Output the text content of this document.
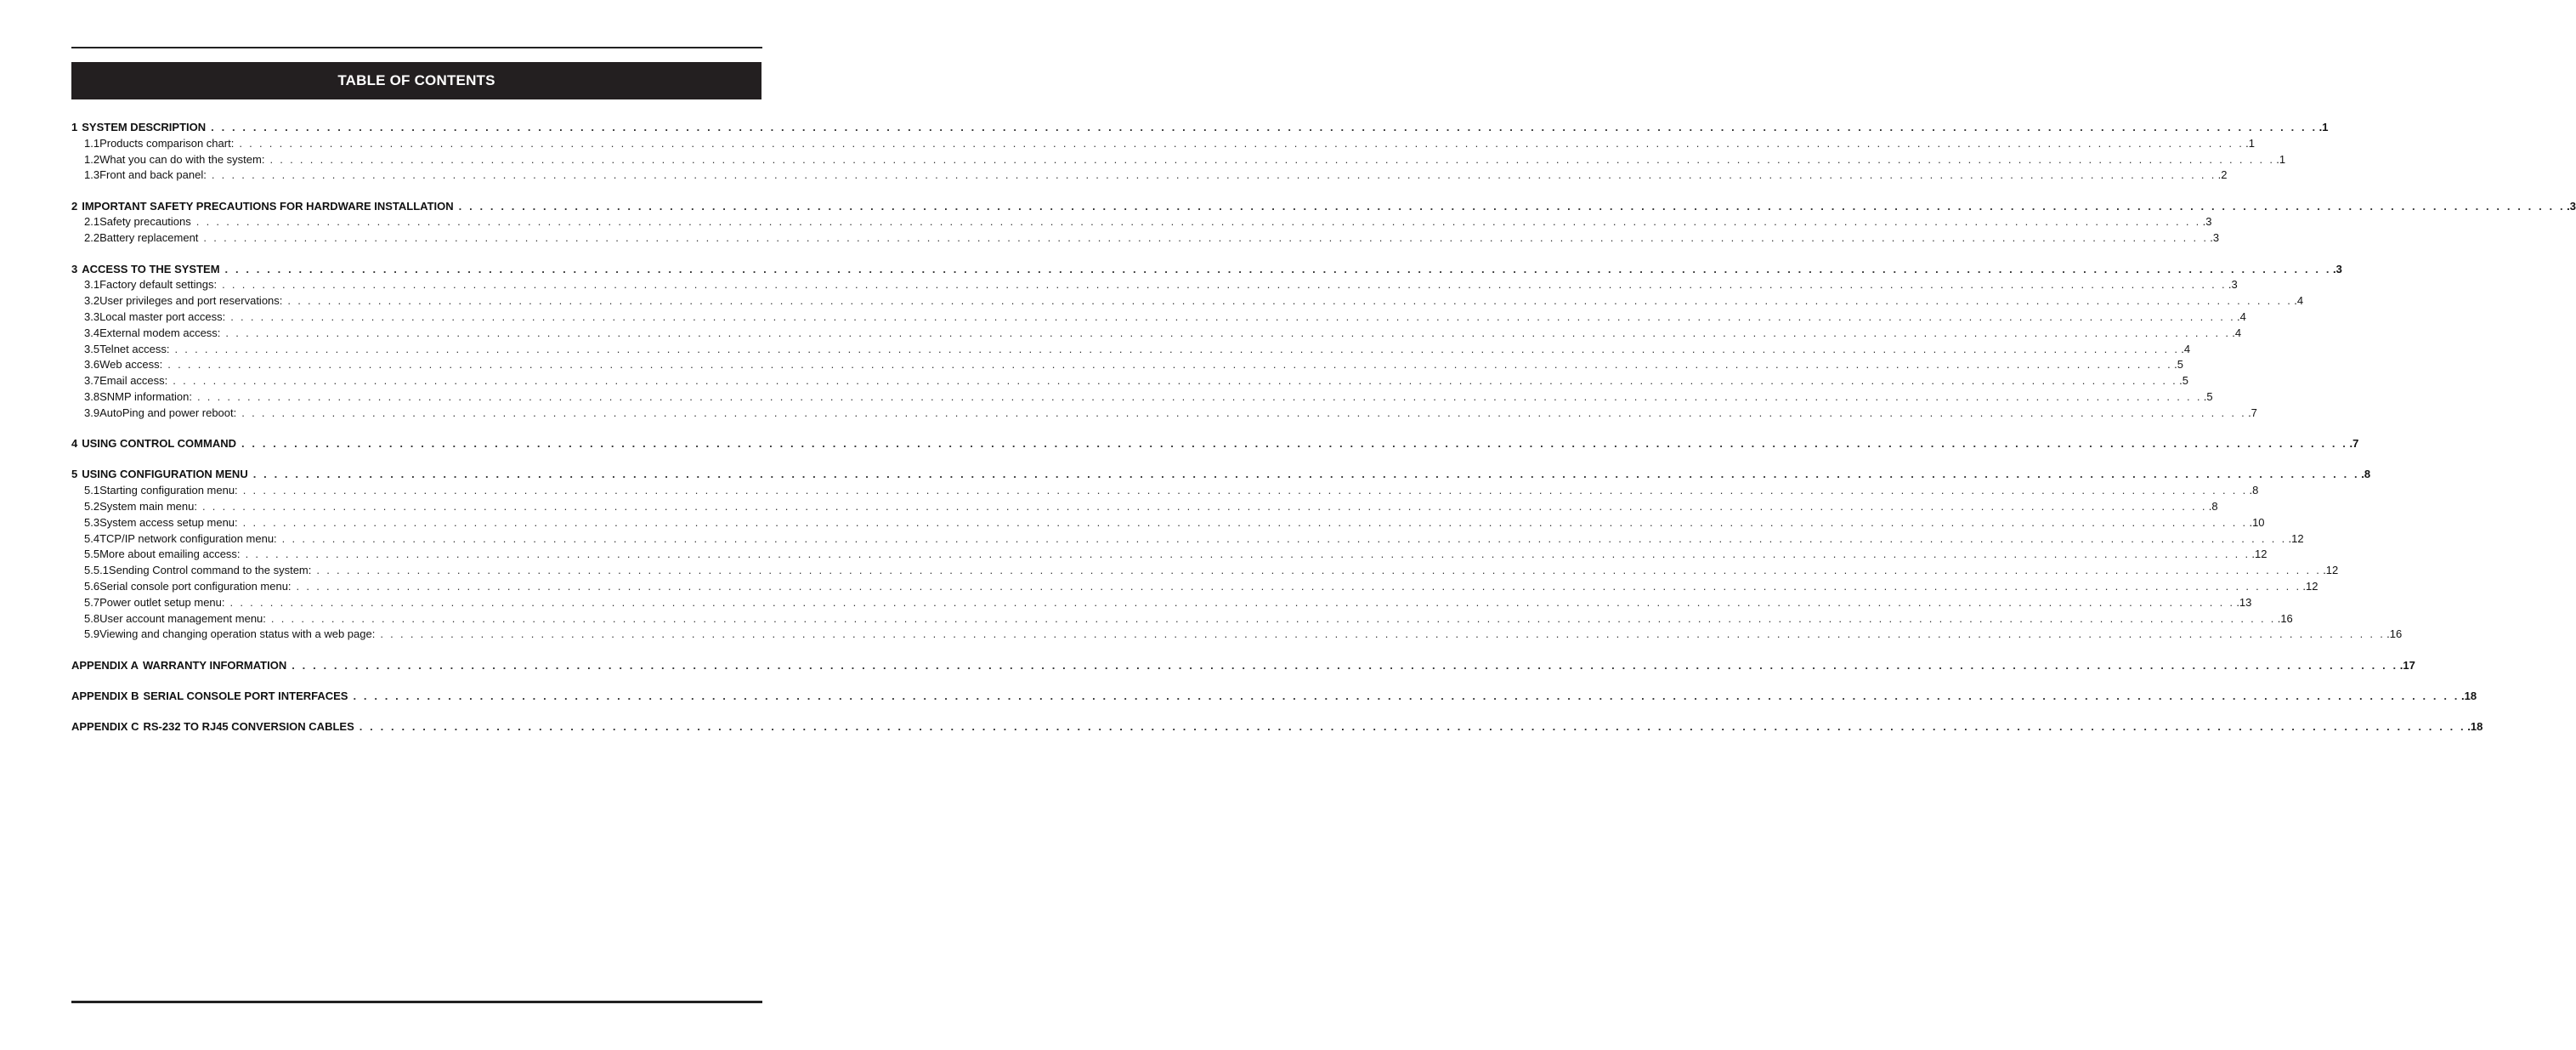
TABLE OF CONTENTS
1 SYSTEM DESCRIPTION . . . . . . . . . . . . . . . . . . . . . . . . . . . . . . . . . . . . . . . . . . . . . . . . . . . . . . . . . . . . . . . . . . . . . . . . . . . . . . . . . . . . . . . . . . . . . . . . . . . . . . . . . . . . . . . . . . . . . . . . . . . . . . . . . . . . . . . . . . . . . . . . . . . . . . . . . . . . . . . . . . . . . . . . . . . . . . . . . . . . . . . . . . . . . . . . . . . . . . . . .1
1.1 Products comparison chart: . . . . . . . . . . . . . . . . . . . . . . . . . . . . . . . . . . . . . . . . . . . . . . . . . . . . . . . . . . . . . . . . . . . . . . . . . . . . . . . . . . . . . . . . . . . . . . . . . . . . . . . . . . . . . . . . . . . . . . . . . . . . . . . . . . . . . . . . . . . . . . . . . . . . . . . . . . . . . . . . . . . . . . . . . . . . . . . . . . . . . . . . . . . . . . . . . . . . . . . . .1
1.2 What you can do with the system: . . . . . . . . . . . . . . . . . . . . . . . . . . . . . . . . . . . . . . . . . . . . . . . . . . . . . . . . . . . . . . . . . . . . . . . . . . . . . . . . . . . . . . . . . . . . . . . . . . . . . . . . . . . . . . . . . . . . . . . . . . . . . . . . . . . . . . . . . . . . . . . . . . . . . . . . . . . . . . . . . . . . . . . . . . . . . . . . . . . . . . . . . . . . . . . . . . . . . . . . .1
1.3 Front and back panel: . . . . . . . . . . . . . . . . . . . . . . . . . . . . . . . . . . . . . . . . . . . . . . . . . . . . . . . . . . . . . . . . . . . . . . . . . . . . . . . . . . . . . . . . . . . . . . . . . . . . . . . . . . . . . . . . . . . . . . . . . . . . . . . . . . . . . . . . . . . . . . . . . . . . . . . . . . . . . . . . . . . . . . . . . . . . . . . . . . . . . . . . . . . . . . . . . . . . . . . . .2
2 IMPORTANT SAFETY PRECAUTIONS FOR HARDWARE INSTALLATION . . . . . . . . . . . . . . . . . . . . . . . . . . . . . . . . . . . . . . . . . . . . . . . . . . . . . . . . . . . . . . . . . . . . . . . . . . . . . . . . . . . . . . . . . . . . . . . . . . . . . . . . . . . . . . . . . . . . . . . . . . . . . . . . . . . . . . . . . . . . . . . . . . . . . . . . . . . . . . . . . . . . . . . . . . . . . . . . . . . . . . . . . . . . . . . . . . . . . . . . .3
2.1 Safety precautions . . . . . . . . . . . . . . . . . . . . . . . . . . . . . . . . . . . . . . . . . . . . . . . . . . . . . . . . . . . . . . . . . . . . . . . . . . . . . . . . . . . . . . . . . . . . . . . . . . . . . . . . . . . . . . . . . . . . . . . . . . . . . . . . . . . . . . . . . . . . . . . . . . . . . . . . . . . . . . . . . . . . . . . . . . . . . . . . . . . . . . . . . . . . . . . . . . . . . . . . .3
2.2 Battery replacement . . . . . . . . . . . . . . . . . . . . . . . . . . . . . . . . . . . . . . . . . . . . . . . . . . . . . . . . . . . . . . . . . . . . . . . . . . . . . . . . . . . . . . . . . . . . . . . . . . . . . . . . . . . . . . . . . . . . . . . . . . . . . . . . . . . . . . . . . . . . . . . . . . . . . . . . . . . . . . . . . . . . . . . . . . . . . . . . . . . . . . . . . . . . . . . . . . . . . . . . .3
3 ACCESS TO THE SYSTEM . . . . . . . . . . . . . . . . . . . . . . . . . . . . . . . . . . . . . . . . . . . . . . . . . . . . . . . . . . . . . . . . . . . . . . . . . . . . . . . . . . . . . . . . . . . . . . . . . . . . . . . . . . . . . . . . . . . . . . . . . . . . . . . . . . . . . . . . . . . . . . . . . . . . . . . . . . . . . . . . . . . . . . . . . . . . . . . . . . . . . . . . . . . . . . . . . . . . . . . . .3
3.1 Factory default settings: . . . . . . . . . . . . . . . . . . . . . . . . . . . . . . . . . . . . . . . . . . . . . . . . . . . . . . . . . . . . . . . . . . . . . . . . . . . . . . . . . . . . . . . . . . . . . . . . . . . . . . . . . . . . . . . . . . . . . . . . . . . . . . . . . . . . . . . . . . . . . . . . . . . . . . . . . . . . . . . . . . . . . . . . . . . . . . . . . . . . . . . . . . . . . . . . . . . . . . . . .3
3.2 User privileges and port reservations: . . . . . . . . . . . . . . . . . . . . . . . . . . . . . . . . . . . . . . . . . . . . . . . . . . . . . . . . . . . . . . . . . . . . . . . . . . . . . . . . . . . . . . . . . . . . . . . . . . . . . . . . . . . . . . . . . . . . . . . . . . . . . . . . . . . . . . . . . . . . . . . . . . . . . . . . . . . . . . . . . . . . . . . . . . . . . . . . . . . . . . . . . . . . . . . . . . . . . . . . .4
3.3 Local master port access: . . . . . . . . . . . . . . . . . . . . . . . . . . . . . . . . . . . . . . . . . . . . . . . . . . . . . . . . . . . . . . . . . . . . . . . . . . . . . . . . . . . . . . . . . . . . . . . . . . . . . . . . . . . . . . . . . . . . . . . . . . . . . . . . . . . . . . . . . . . . . . . . . . . . . . . . . . . . . . . . . . . . . . . . . . . . . . . . . . . . . . . . . . . . . . . . . . . . . . . . .4
3.4 External modem access: . . . . . . . . . . . . . . . . . . . . . . . . . . . . . . . . . . . . . . . . . . . . . . . . . . . . . . . . . . . . . . . . . . . . . . . . . . . . . . . . . . . . . . . . . . . . . . . . . . . . . . . . . . . . . . . . . . . . . . . . . . . . . . . . . . . . . . . . . . . . . . . . . . . . . . . . . . . . . . . . . . . . . . . . . . . . . . . . . . . . . . . . . . . . . . . . . . . . . . . . .4
3.5 Telnet access: . . . . . . . . . . . . . . . . . . . . . . . . . . . . . . . . . . . . . . . . . . . . . . . . . . . . . . . . . . . . . . . . . . . . . . . . . . . . . . . . . . . . . . . . . . . . . . . . . . . . . . . . . . . . . . . . . . . . . . . . . . . . . . . . . . . . . . . . . . . . . . . . . . . . . . . . . . . . . . . . . . . . . . . . . . . . . . . . . . . . . . . . . . . . . . . . . . . . . . . . .4
3.6 Web access: . . . . . . . . . . . . . . . . . . . . . . . . . . . . . . . . . . . . . . . . . . . . . . . . . . . . . . . . . . . . . . . . . . . . . . . . . . . . . . . . . . . . . . . . . . . . . . . . . . . . . . . . . . . . . . . . . . . . . . . . . . . . . . . . . . . . . . . . . . . . . . . . . . . . . . . . . . . . . . . . . . . . . . . . . . . . . . . . . . . . . . . . . . . . . . . . . . . . . . . . .5
3.7 Email access: . . . . . . . . . . . . . . . . . . . . . . . . . . . . . . . . . . . . . . . . . . . . . . . . . . . . . . . . . . . . . . . . . . . . . . . . . . . . . . . . . . . . . . . . . . . . . . . . . . . . . . . . . . . . . . . . . . . . . . . . . . . . . . . . . . . . . . . . . . . . . . . . . . . . . . . . . . . . . . . . . . . . . . . . . . . . . . . . . . . . . . . . . . . . . . . . . . . . . . . . .5
3.8 SNMP information: . . . . . . . . . . . . . . . . . . . . . . . . . . . . . . . . . . . . . . . . . . . . . . . . . . . . . . . . . . . . . . . . . . . . . . . . . . . . . . . . . . . . . . . . . . . . . . . . . . . . . . . . . . . . . . . . . . . . . . . . . . . . . . . . . . . . . . . . . . . . . . . . . . . . . . . . . . . . . . . . . . . . . . . . . . . . . . . . . . . . . . . . . . . . . . . . . . . . . . . . .5
3.9 AutoPing and power reboot: . . . . . . . . . . . . . . . . . . . . . . . . . . . . . . . . . . . . . . . . . . . . . . . . . . . . . . . . . . . . . . . . . . . . . . . . . . . . . . . . . . . . . . . . . . . . . . . . . . . . . . . . . . . . . . . . . . . . . . . . . . . . . . . . . . . . . . . . . . . . . . . . . . . . . . . . . . . . . . . . . . . . . . . . . . . . . . . . . . . . . . . . . . . . . . . . . . . . . . . . .7
4 USING CONTROL COMMAND . . . . . . . . . . . . . . . . . . . . . . . . . . . . . . . . . . . . . . . . . . . . . . . . . . . . . . . . . . . . . . . . . . . . . . . . . . . . . . . . . . . . . . . . . . . . . . . . . . . . . . . . . . . . . . . . . . . . . . . . . . . . . . . . . . . . . . . . . . . . . . . . . . . . . . . . . . . . . . . . . . . . . . . . . . . . . . . . . . . . . . . . . . . . . . . . . . . . . . . . .7
5 USING CONFIGURATION MENU . . . . . . . . . . . . . . . . . . . . . . . . . . . . . . . . . . . . . . . . . . . . . . . . . . . . . . . . . . . . . . . . . . . . . . . . . . . . . . . . . . . . . . . . . . . . . . . . . . . . . . . . . . . . . . . . . . . . . . . . . . . . . . . . . . . . . . . . . . . . . . . . . . . . . . . . . . . . . . . . . . . . . . . . . . . . . . . . . . . . . . . . . . . . . . . . . . . . . . . . .8
5.1 Starting configuration menu: . . . . . . . . . . . . . . . . . . . . . . . . . . . . . . . . . . . . . . . . . . . . . . . . . . . . . . . . . . . . . . . . . . . . . . . . . . . . . . . . . . . . . . . . . . . . . . . . . . . . . . . . . . . . . . . . . . . . . . . . . . . . . . . . . . . . . . . . . . . . . . . . . . . . . . . . . . . . . . . . . . . . . . . . . . . . . . . . . . . . . . . . . . . . . . . . . . . . . . . . .8
5.2 System main menu: . . . . . . . . . . . . . . . . . . . . . . . . . . . . . . . . . . . . . . . . . . . . . . . . . . . . . . . . . . . . . . . . . . . . . . . . . . . . . . . . . . . . . . . . . . . . . . . . . . . . . . . . . . . . . . . . . . . . . . . . . . . . . . . . . . . . . . . . . . . . . . . . . . . . . . . . . . . . . . . . . . . . . . . . . . . . . . . . . . . . . . . . . . . . . . . . . . . . . . . . .8
5.3 System access setup menu: . . . . . . . . . . . . . . . . . . . . . . . . . . . . . . . . . . . . . . . . . . . . . . . . . . . . . . . . . . . . . . . . . . . . . . . . . . . . . . . . . . . . . . . . . . . . . . . . . . . . . . . . . . . . . . . . . . . . . . . . . . . . . . . . . . . . . . . . . . . . . . . . . . . . . . . . . . . . . . . . . . . . . . . . . . . . . . . . . . . . . . . . . . . . . . . . . . . . . . . . .10
5.4 TCP/IP network configuration menu: . . . . . . . . . . . . . . . . . . . . . . . . . . . . . . . . . . . . . . . . . . . . . . . . . . . . . . . . . . . . . . . . . . . . . . . . . . . . . . . . . . . . . . . . . . . . . . . . . . . . . . . . . . . . . . . . . . . . . . . . . . . . . . . . . . . . . . . . . . . . . . . . . . . . . . . . . . . . . . . . . . . . . . . . . . . . . . . . . . . . . . . . . . . . . . . . . . . . . . . . .12
5.5 More about emailing access: . . . . . . . . . . . . . . . . . . . . . . . . . . . . . . . . . . . . . . . . . . . . . . . . . . . . . . . . . . . . . . . . . . . . . . . . . . . . . . . . . . . . . . . . . . . . . . . . . . . . . . . . . . . . . . . . . . . . . . . . . . . . . . . . . . . . . . . . . . . . . . . . . . . . . . . . . . . . . . . . . . . . . . . . . . . . . . . . . . . . . . . . . . . . . . . . . . . . . . . . .12
5.5.1 Sending Control command to the system: . . . . . . . . . . . . . . . . . . . . . . . . . . . . . . . . . . . . . . . . . . . . . . . . . . . . . . . . . . . . . . . . . . . . . . . . . . . . . . . . . . . . . . . . . . . . . . . . . . . . . . . . . . . . . . . . . . . . . . . . . . . . . . . . . . . . . . . . . . . . . . . . . . . . . . . . . . . . . . . . . . . . . . . . . . . . . . . . . . . . . . . . . . . . . . . . . . . . . . . . .12
5.6 Serial console port configuration menu: . . . . . . . . . . . . . . . . . . . . . . . . . . . . . . . . . . . . . . . . . . . . . . . . . . . . . . . . . . . . . . . . . . . . . . . . . . . . . . . . . . . . . . . . . . . . . . . . . . . . . . . . . . . . . . . . . . . . . . . . . . . . . . . . . . . . . . . . . . . . . . . . . . . . . . . . . . . . . . . . . . . . . . . . . . . . . . . . . . . . . . . . . . . . . . . . . . . . . . . . .12
5.7 Power outlet setup menu: . . . . . . . . . . . . . . . . . . . . . . . . . . . . . . . . . . . . . . . . . . . . . . . . . . . . . . . . . . . . . . . . . . . . . . . . . . . . . . . . . . . . . . . . . . . . . . . . . . . . . . . . . . . . . . . . . . . . . . . . . . . . . . . . . . . . . . . . . . . . . . . . . . . . . . . . . . . . . . . . . . . . . . . . . . . . . . . . . . . . . . . . . . . . . . . . . . . . . . . . .13
5.8 User account management menu: . . . . . . . . . . . . . . . . . . . . . . . . . . . . . . . . . . . . . . . . . . . . . . . . . . . . . . . . . . . . . . . . . . . . . . . . . . . . . . . . . . . . . . . . . . . . . . . . . . . . . . . . . . . . . . . . . . . . . . . . . . . . . . . . . . . . . . . . . . . . . . . . . . . . . . . . . . . . . . . . . . . . . . . . . . . . . . . . . . . . . . . . . . . . . . . . . . . . . . . . .16
5.9 Viewing and changing operation status with a web page: . . . . . . . . . . . . . . . . . . . . . . . . . . . . . . . . . . . . . . . . . . . . . . . . . . . . . . . . . . . . . . . . . . . . . . . . . . . . . . . . . . . . . . . . . . . . . . . . . . . . . . . . . . . . . . . . . . . . . . . . . . . . . . . . . . . . . . . . . . . . . . . . . . . . . . . . . . . . . . . . . . . . . . . . . . . . . . . . . . . . . . . . . . . . . . . . . . . . . . . . .16
APPENDIX A WARRANTY INFORMATION . . . . . . . . . . . . . . . . . . . . . . . . . . . . . . . . . . . . . . . . . . . . . . . . . . . . . . . . . . . . . . . . . . . . . . . . . . . . . . . . . . . . . . . . . . . . . . . . . . . . . . . . . . . . . . . . . . . . . . . . . . . . . . . . . . . . . . . . . . . . . . . . . . . . . . . . . . . . . . . . . . . . . . . . . . . . . . . . . . . . . . . . . . . . . . . . . . . . . . . . .17
APPENDIX B SERIAL CONSOLE PORT INTERFACES . . . . . . . . . . . . . . . . . . . . . . . . . . . . . . . . . . . . . . . . . . . . . . . . . . . . . . . . . . . . . . . . . . . . . . . . . . . . . . . . . . . . . . . . . . . . . . . . . . . . . . . . . . . . . . . . . . . . . . . . . . . . . . . . . . . . . . . . . . . . . . . . . . . . . . . . . . . . . . . . . . . . . . . . . . . . . . . . . . . . . . . . . . . . . . . . . . . . . . . . .18
APPENDIX C RS-232 TO RJ45 CONVERSION CABLES . . . . . . . . . . . . . . . . . . . . . . . . . . . . . . . . . . . . . . . . . . . . . . . . . . . . . . . . . . . . . . . . . . . . . . . . . . . . . . . . . . . . . . . . . . . . . . . . . . . . . . . . . . . . . . . . . . . . . . . . . . . . . . . . . . . . . . . . . . . . . . . . . . . . . . . . . . . . . . . . . . . . . . . . . . . . . . . . . . . . . . . . . . . . . . . . . . . . . . . . .18
